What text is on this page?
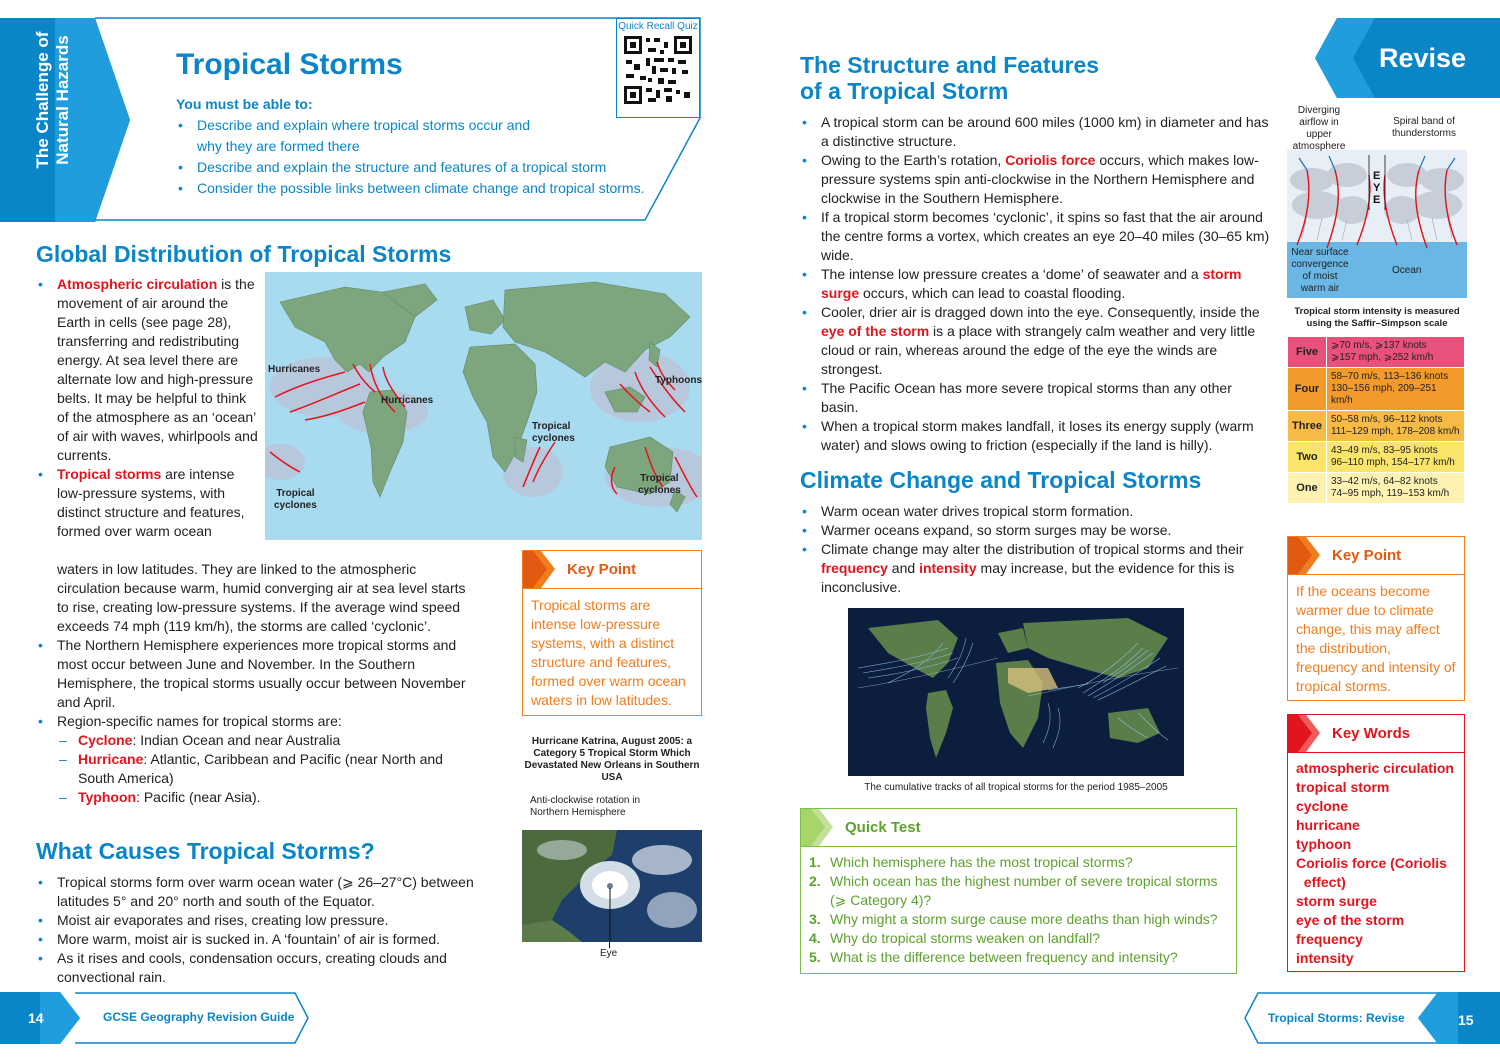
The Challenge of
Natural Hazards	Tropical Storms
Quick Recall Quiz
You must be able to:
• Describe and explain where tropical storms occur and
why they are formed there
• Describe and explain the structure and features of a tropical storm
• Consider the possible links between climate change and tropical storms.
Global Distribution of Tropical Storms
Hurricanes
Hurricanes
Typhoons
Tropical
cyclones
Tropical
cyclones
Tropical
cyclones
• Atmospheric circulation is the movement of air around the Earth in cells (see page 28), transferring and redistributing energy. At sea level there are alternate low and high-pressure belts. It may be helpful to think of the atmosphere as an ‘ocean’ of air with waves, whirlpools and currents.
• Tropical storms are intense low-pressure systems, with distinct structure and features, formed over warm ocean
waters in low latitudes. They are linked to the atmospheric circulation because warm, humid converging air at sea level starts to rise, creating low-pressure systems. If the average wind speed exceeds 74 mph (119 km/h), the storms are called ‘cyclonic’.
• The Northern Hemisphere experiences more tropical storms and most occur between June and November. In the Southern Hemisphere, the tropical storms usually occur between November and April.
• Region-specific names for tropical storms are:
– Cyclone: Indian Ocean and near Australia
– Hurricane: Atlantic, Caribbean and Pacific (near North and South America)
– Typhoon: Pacific (near Asia).
Key Point
Tropical storms are intense low-pressure systems, with a distinct structure and features, formed over warm ocean waters in low latitudes.
Hurricane Katrina, August 2005: a Category 5 Tropical Storm Which Devastated New Orleans in Southern USA
Anti-clockwise rotation in Northern Hemisphere
Eye
What Causes Tropical Storms?
• Tropical storms form over warm ocean water (⩾ 26–27°C) between latitudes 5° and 20° north and south of the Equator.
• Moist air evaporates and rises, creating low pressure.
• More warm, moist air is sucked in. A ‘fountain’ of air is formed.
• As it rises and cools, condensation occurs, creating clouds and convectional rain.
14	GCSE Geography Revision Guide
Revise
The Structure and Features
of a Tropical Storm
• A tropical storm can be around 600 miles (1000 km) in diameter and has a distinctive structure.
• Owing to the Earth’s rotation, Coriolis force occurs, which makes low-pressure systems spin anti-clockwise in the Northern Hemisphere and clockwise in the Southern Hemisphere.
• If a tropical storm becomes ‘cyclonic’, it spins so fast that the air around the centre forms a vortex, which creates an eye 20–40 miles (30–65 km) wide.
• The intense low pressure creates a ‘dome’ of seawater and a storm surge occurs, which can lead to coastal flooding.
• Cooler, drier air is dragged down into the eye. Consequently, inside the eye of the storm is a place with strangely calm weather and very little cloud or rain, whereas around the edge of the eye the winds are strongest.
• The Pacific Ocean has more severe tropical storms than any other basin.
• When a tropical storm makes landfall, it loses its energy supply (warm water) and slows owing to friction (especially if the land is hilly).
Climate Change and Tropical Storms
• Warm ocean water drives tropical storm formation.
• Warmer oceans expand, so storm surges may be worse.
• Climate change may alter the distribution of tropical storms and their frequency and intensity may increase, but the evidence for this is inconclusive.
The cumulative tracks of all tropical storms for the period 1985–2005
Quick Test
1. Which hemisphere has the most tropical storms?
2. Which ocean has the highest number of severe tropical storms (⩾ Category 4)?
3. Why might a storm surge cause more deaths than high winds?
4. Why do tropical storms weaken on landfall?
5. What is the difference between frequency and intensity?
Diverging
airflow in
upper
atmosphere
Spiral band of
thunderstorms
EYE
Near surface
convergence
of moist
warm air
Ocean
Tropical storm intensity is measured using the Saffir–Simpson scale
Five	⩾70 m/s, ⩾137 knots
⩾157 mph, ⩾252 km/h
Four	58–70 m/s, 113–136 knots
130–156 mph, 209–251 km/h
Three	50–58 m/s, 96–112 knots
111–129 mph, 178–208 km/h
Two	43–49 m/s, 83–95 knots
96–110 mph, 154–177 km/h
One	33–42 m/s, 64–82 knots
74–95 mph, 119–153 km/h
Key Point
If the oceans become warmer due to climate change, this may affect the distribution, frequency and intensity of tropical storms.
Key Words
atmospheric circulation
tropical storm
cyclone
hurricane
typhoon
Coriolis force (Coriolis
effect)
storm surge
eye of the storm
frequency
intensity
Tropical Storms: Revise	15
